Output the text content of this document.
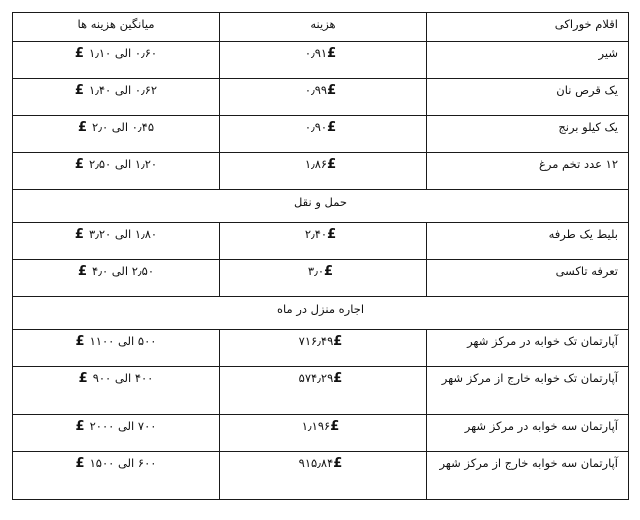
اقلام خوراکی	هزینه	میانگین هزینه ها
شیر	۰٫۹۱£	۰٫۶۰ الی ۱٫۱۰£
یک قرص نان	۰٫۹۹£	۰٫۶۲ الی ۱٫۴۰£
یک کیلو برنج	۰٫۹۰£	۰٫۴۵ الی ۲٫۰£
۱۲ عدد تخم مرغ	۱٫۸۶£	۱٫۲۰ الی ۲٫۵۰£
حمل و نقل		
بلیط یک طرفه	۲٫۴۰£	۱٫۸۰ الی ۳٫۲۰£
تعرفه تاکسی	۳٫۰£	۲٫۵۰ الی ۴٫۰£
اجاره منزل در ماه		
آپارتمان تک خوابه در مرکز شهر	۷۱۶٫۴۹£	۵۰۰ الی ۱۱۰۰£
آپارتمان تک خوابه خارج از مرکز شهر	۵۷۴٫۲۹£	۴۰۰ الی ۹۰۰£
آپارتمان سه خوابه در مرکز شهر	۱٫۱۹۶£	۷۰۰ الی ۲۰۰۰£
آپارتمان سه خوابه خارج از مرکز شهر	۹۱۵٫۸۴£	۶۰۰ الی ۱۵۰۰£
